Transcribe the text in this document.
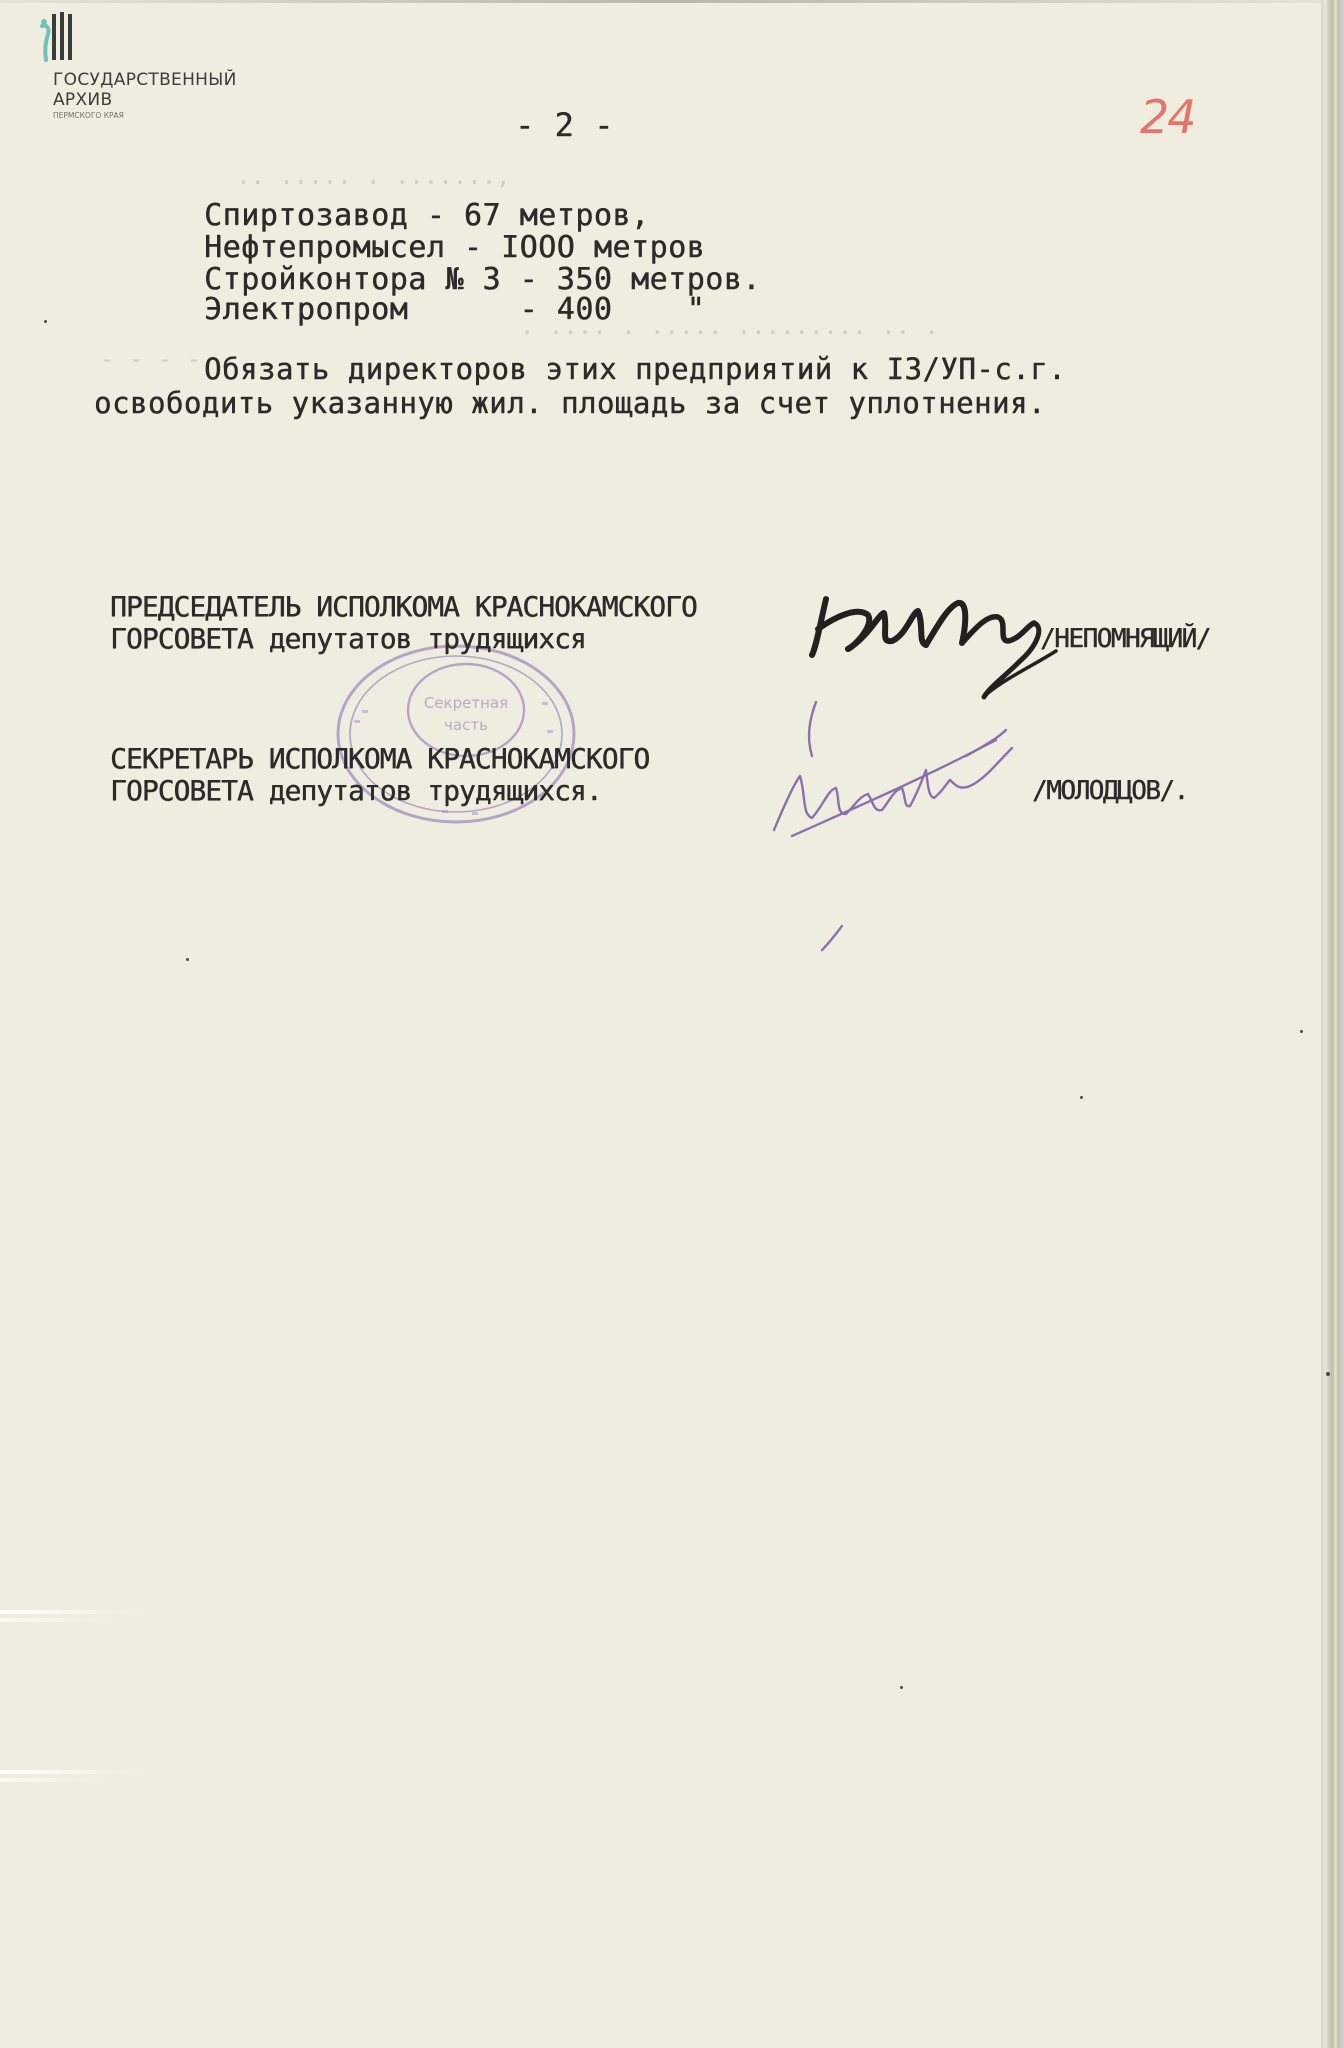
ГОСУДАРСТВЕННЫЙ
АРХИВ
ПЕРМСКОГО КРАЯ	- 2 -	24
.. ..... . .......,
. .... . ..... ......... .. .
- - - -
Спиртозавод - 67 метров,
Нефтепромысел - IOOO метров
Стройконтора № 3 - 350 метров.
Электропром      - 400    "
Обязать директоров этих предприятий к I3/УП-с.г.
освободить указанную жил. площадь за счет уплотнения.
Секретная
часть
ПРЕДСЕДАТЕЛЬ ИСПОЛКОМА КРАСНОКАМСКОГО
ГОРСОВЕТА депутатов трудящихся	/НЕПОМНЯЩИЙ/
СЕКРЕТАРЬ ИСПОЛКОМА КРАСНОКАМСКОГО
ГОРСОВЕТА депутатов трудящихся.	/МОЛОДЦОВ/.
